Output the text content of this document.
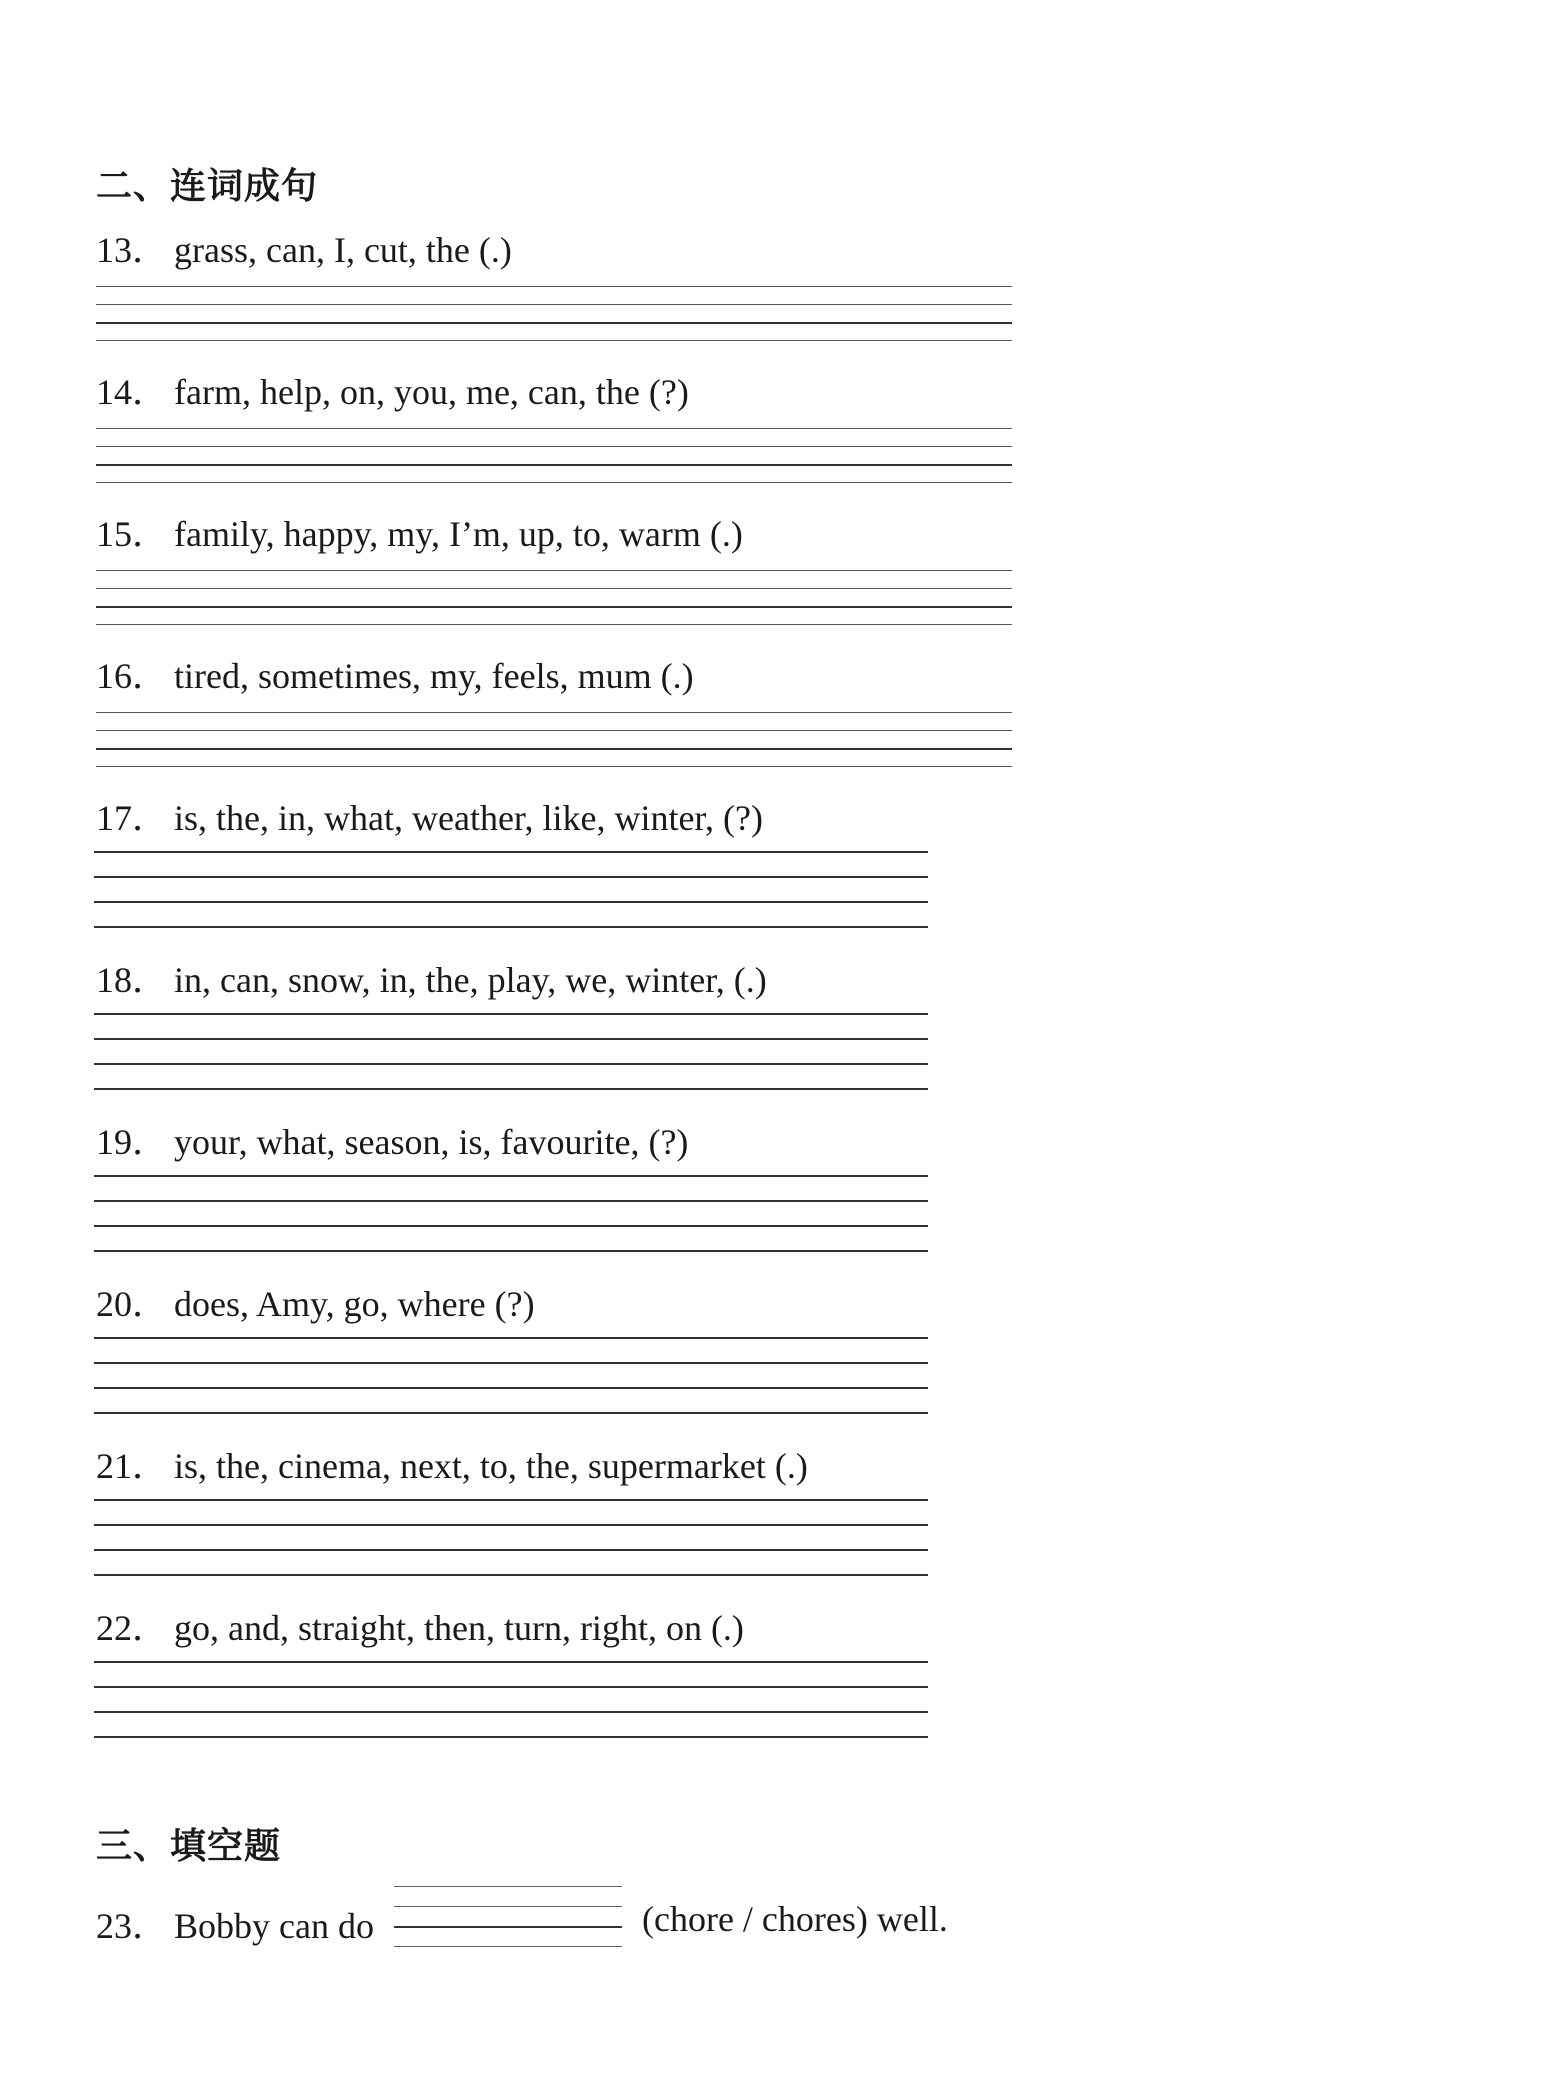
二、连词成句
13． grass, can, I, cut, the (.)
14． farm, help, on, you, me, can, the (?)
15． family, happy, my, I’m, up, to, warm (.)
16． tired, sometimes, my, feels, mum (.)
17． is, the, in, what, weather, like, winter, (?)
18． in, can, snow, in, the, play, we, winter, (.)
19． your, what, season, is, favourite, (?)
20． does, Amy, go, where (?)
21． is, the, cinema, next, to, the, supermarket (.)
22． go, and, straight, then, turn, right, on (.)
三、填空题
23． Bobby can do	(chore / chores) well.
